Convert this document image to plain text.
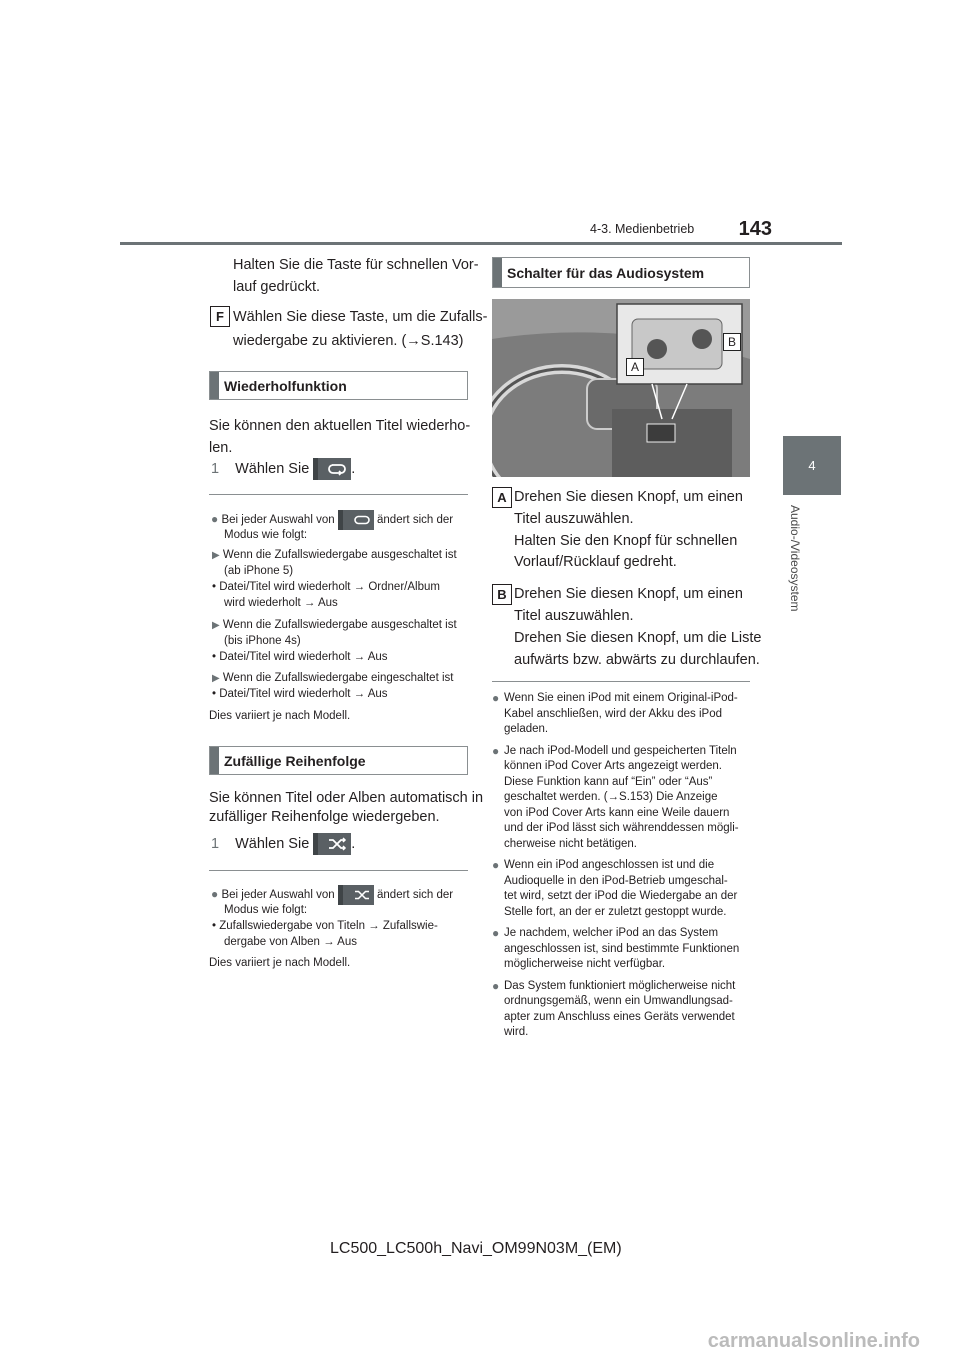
4-3. Medienbetrieb 143
4
Audio-/Videosystem
Halten Sie die Taste für schnellen Vor-
lauf gedrückt.
F Wählen Sie diese Taste, um die Zufalls-
wiedergabe zu aktivieren. (→S.143)
Wiederholfunktion
Sie können den aktuellen Titel wiederho-
len.
1 Wählen Sie	.
● Bei jeder Auswahl von	ändert sich der
Modus wie folgt:
▶ Wenn die Zufallswiedergabe ausgeschaltet ist
(ab iPhone 5)
• Datei/Titel wird wiederholt → Ordner/Album
wird wiederholt → Aus
▶ Wenn die Zufallswiedergabe ausgeschaltet ist
(bis iPhone 4s)
• Datei/Titel wird wiederholt → Aus
▶ Wenn die Zufallswiedergabe eingeschaltet ist
• Datei/Titel wird wiederholt → Aus
Dies variiert je nach Modell.
Zufällige Reihenfolge
Sie können Titel oder Alben automatisch in
zufälliger Reihenfolge wiedergeben.
1 Wählen Sie	.
● Bei jeder Auswahl von	ändert sich der
Modus wie folgt:
• Zufallswiedergabe von Titeln → Zufallswie-
dergabe von Alben → Aus
Dies variiert je nach Modell.
Schalter für das Audiosystem
A
B
A Drehen Sie diesen Knopf, um einen
Titel auszuwählen.
Halten Sie den Knopf für schnellen
Vorlauf/Rücklauf gedreht.
B Drehen Sie diesen Knopf, um einen
Titel auszuwählen.
Drehen Sie diesen Knopf, um die Liste
aufwärts bzw. abwärts zu durchlaufen.
● Wenn Sie einen iPod mit einem Original-iPod-
Kabel anschließen, wird der Akku des iPod
geladen.
● Je nach iPod-Modell und gespeicherten Titeln
können iPod Cover Arts angezeigt werden.
Diese Funktion kann auf “Ein” oder “Aus”
geschaltet werden. (→S.153) Die Anzeige
von iPod Cover Arts kann eine Weile dauern
und der iPod lässt sich währenddessen mögli-
cherweise nicht betätigen.
● Wenn ein iPod angeschlossen ist und die
Audioquelle in den iPod-Betrieb umgeschal-
tet wird, setzt der iPod die Wiedergabe an der
Stelle fort, an der er zuletzt gestoppt wurde.
● Je nachdem, welcher iPod an das System
angeschlossen ist, sind bestimmte Funktionen
möglicherweise nicht verfügbar.
● Das System funktioniert möglicherweise nicht
ordnungsgemäß, wenn ein Umwandlungsad-
apter zum Anschluss eines Geräts verwendet
wird.
LC500_LC500h_Navi_OM99N03M_(EM)
carmanualsonline.info
